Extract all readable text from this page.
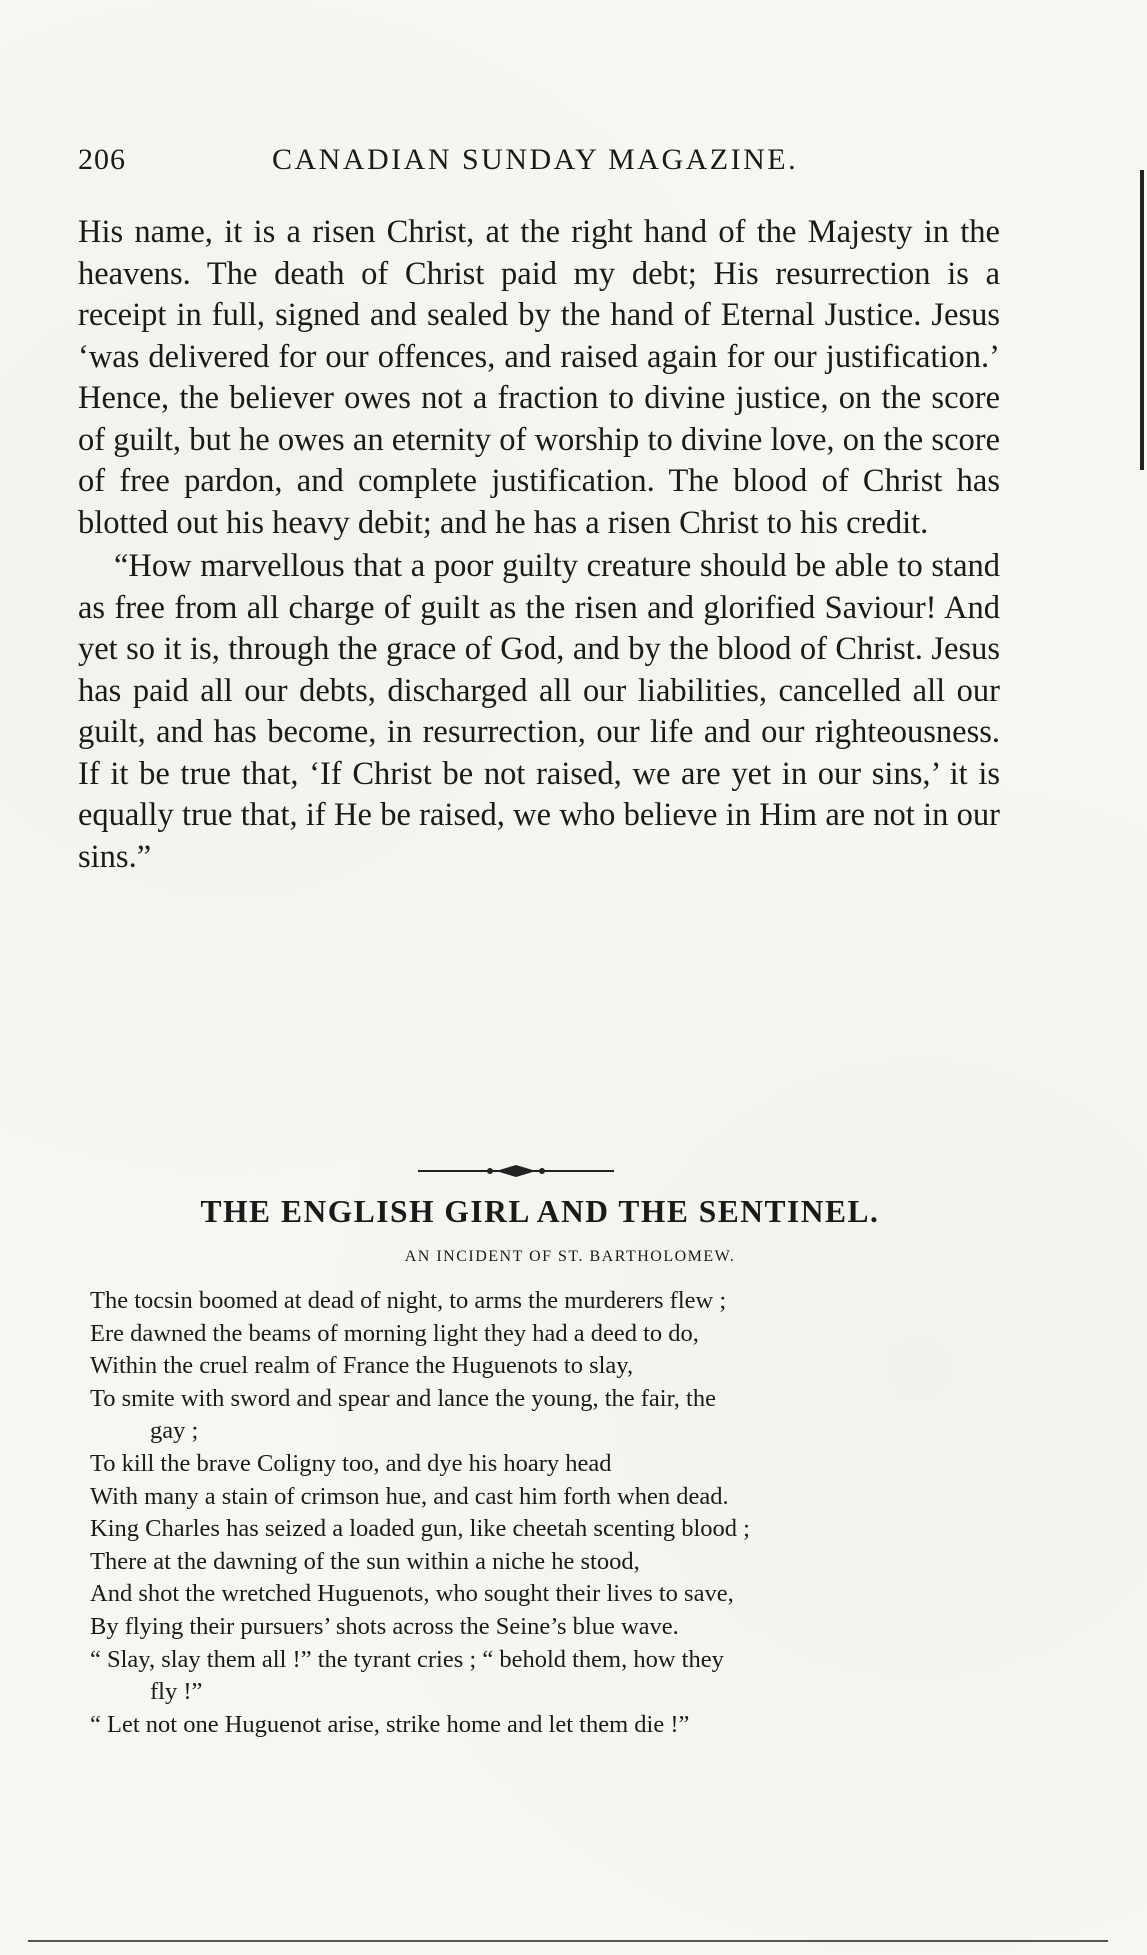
206	CANADIAN SUNDAY MAGAZINE.

His name, it is a risen Christ, at the right hand of the Majesty in the heavens. The death of Christ paid my debt; His resurrection is a receipt in full, signed and sealed by the hand of Eternal Justice. Jesus ‘was delivered for our offences, and raised again for our justification.’ Hence, the believer owes not a fraction to divine justice, on the score of guilt, but he owes an eternity of worship to divine love, on the score of free pardon, and complete justification. The blood of Christ has blotted out his heavy debit; and he has a risen Christ to his credit.

“How marvellous that a poor guilty creature should be able to stand as free from all charge of guilt as the risen and glorified Saviour! And yet so it is, through the grace of God, and by the blood of Christ. Jesus has paid all our debts, discharged all our liabilities, cancelled all our guilt, and has become, in resurrection, our life and our righteousness. If it be true that, ‘If Christ be not raised, we are yet in our sins,’ it is equally true that, if He be raised, we who believe in Him are not in our sins.”

THE ENGLISH GIRL AND THE SENTINEL.
AN INCIDENT OF ST. BARTHOLOMEW.
The tocsin boomed at dead of night, to arms the murderers flew ;
Ere dawned the beams of morning light they had a deed to do,
Within the cruel realm of France the Huguenots to slay,
To smite with sword and spear and lance the young, the fair, the
gay ;
To kill the brave Coligny too, and dye his hoary head
With many a stain of crimson hue, and cast him forth when dead.
King Charles has seized a loaded gun, like cheetah scenting blood ;
There at the dawning of the sun within a niche he stood,
And shot the wretched Huguenots, who sought their lives to save,
By flying their pursuers’ shots across the Seine’s blue wave.
“ Slay, slay them all !” the tyrant cries ; “ behold them, how they
fly !”
“ Let not one Huguenot arise, strike home and let them die !”
